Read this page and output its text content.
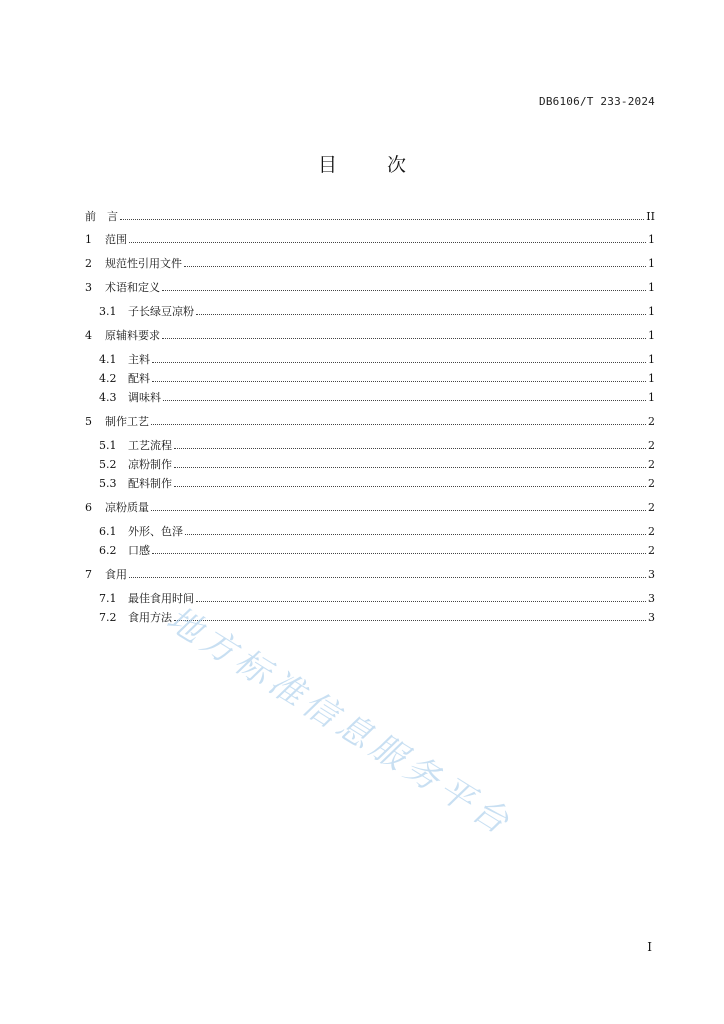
DB6106/T 233-2024
目 次
前　言	II
1	范围	1
2	规范性引用文件	1
3	术语和定义	1
3.1	子长绿豆凉粉	1
4	原辅料要求	1
4.1	主料	1
4.2	配料	1
4.3	调味料	1
5	制作工艺	2
5.1	工艺流程	2
5.2	凉粉制作	2
5.3	配料制作	2
6	凉粉质量	2
6.1	外形、色泽	2
6.2	口感	2
7	食用	3
7.1	最佳食用时间	3
7.2	食用方法	3
地方标准信息服务平台
I
